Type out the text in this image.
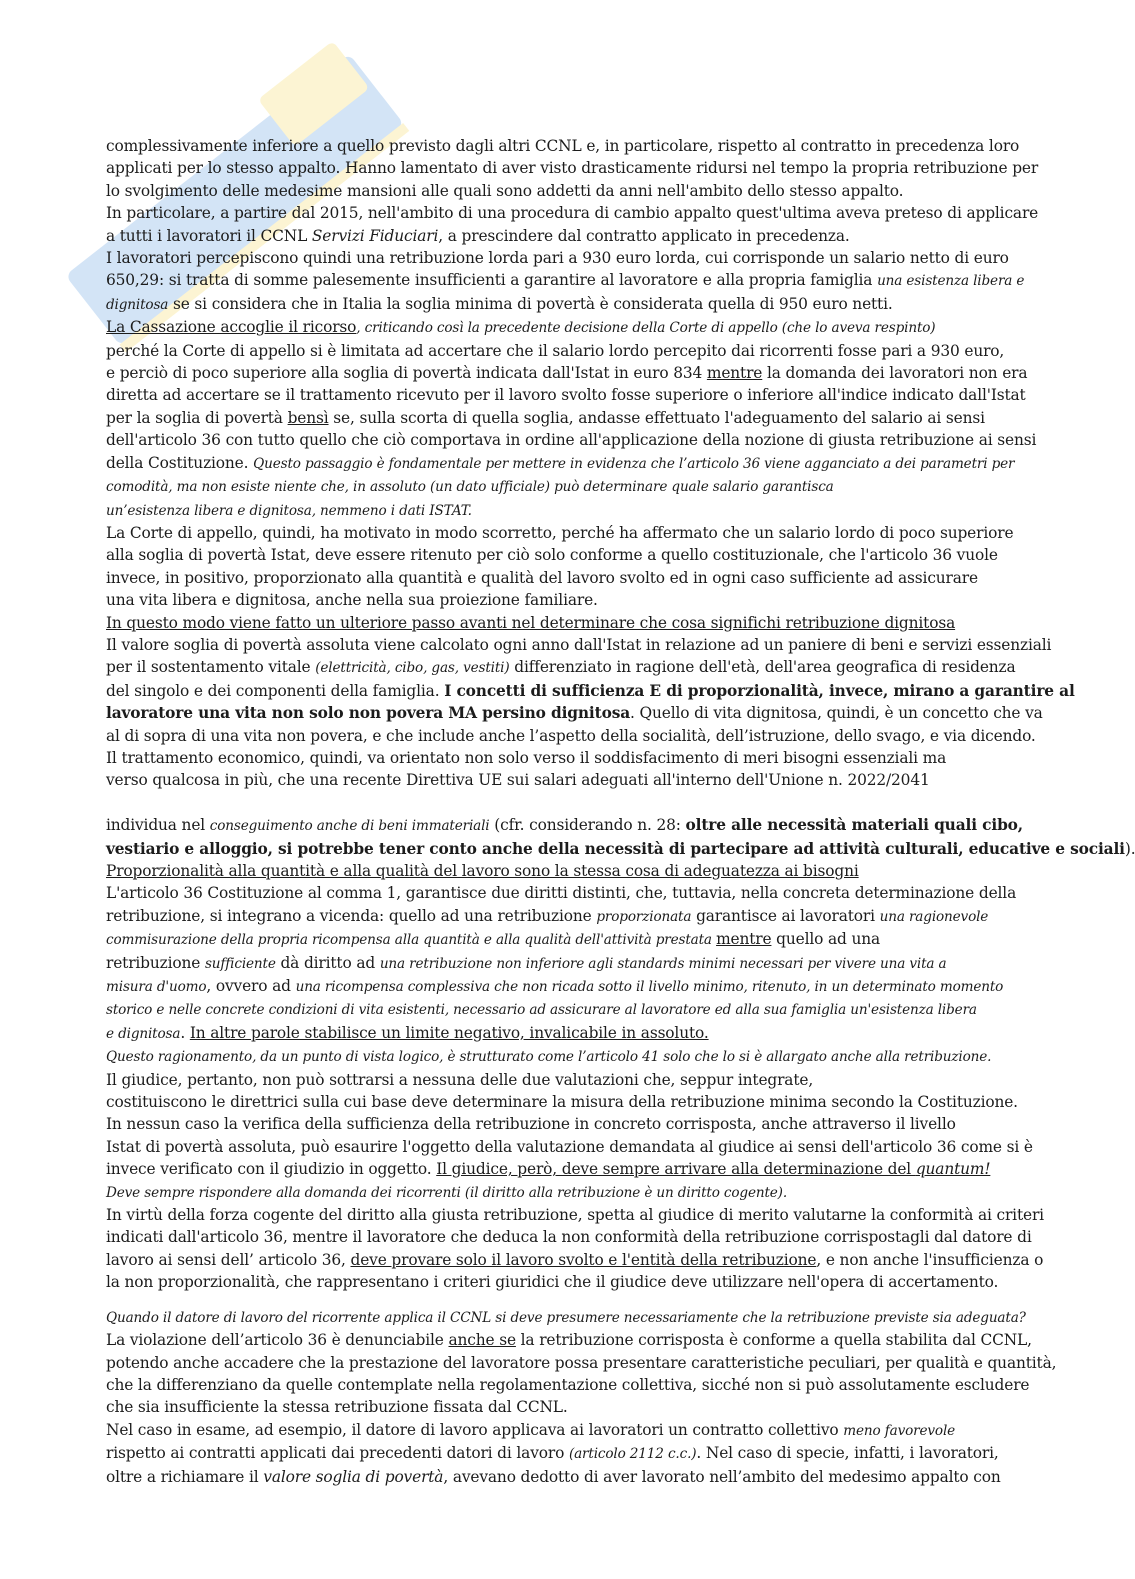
complessivamente inferiore a quello previsto dagli altri CCNL e, in particolare, rispetto al contratto in precedenza loro
applicati per lo stesso appalto. Hanno lamentato di aver visto drasticamente ridursi nel tempo la propria retribuzione per
lo svolgimento delle medesime mansioni alle quali sono addetti da anni nell'ambito dello stesso appalto.
In particolare, a partire dal 2015, nell'ambito di una procedura di cambio appalto quest'ultima aveva preteso di applicare
a tutti i lavoratori il CCNL Servizi Fiduciari, a prescindere dal contratto applicato in precedenza.
I lavoratori percepiscono quindi una retribuzione lorda pari a 930 euro lorda, cui corrisponde un salario netto di euro
650,29: si tratta di somme palesemente insufficienti a garantire al lavoratore e alla propria famiglia una esistenza libera e
dignitosa se si considera che in Italia la soglia minima di povertà è considerata quella di 950 euro netti.
La Cassazione accoglie il ricorso, criticando così la precedente decisione della Corte di appello (che lo aveva respinto)
perché la Corte di appello si è limitata ad accertare che il salario lordo percepito dai ricorrenti fosse pari a 930 euro,
e perciò di poco superiore alla soglia di povertà indicata dall'Istat in euro 834 mentre la domanda dei lavoratori non era
diretta ad accertare se il trattamento ricevuto per il lavoro svolto fosse superiore o inferiore all'indice indicato dall'Istat
per la soglia di povertà bensì se, sulla scorta di quella soglia, andasse effettuato l'adeguamento del salario ai sensi
dell'articolo 36 con tutto quello che ciò comportava in ordine all'applicazione della nozione di giusta retribuzione ai sensi
della Costituzione. Questo passaggio è fondamentale per mettere in evidenza che l’articolo 36 viene agganciato a dei parametri per
comodità, ma non esiste niente che, in assoluto (un dato ufficiale) può determinare quale salario garantisca
un’esistenza libera e dignitosa, nemmeno i dati ISTAT.
La Corte di appello, quindi, ha motivato in modo scorretto, perché ha affermato che un salario lordo di poco superiore
alla soglia di povertà Istat, deve essere ritenuto per ciò solo conforme a quello costituzionale, che l'articolo 36 vuole
invece, in positivo, proporzionato alla quantità e qualità del lavoro svolto ed in ogni caso sufficiente ad assicurare
una vita libera e dignitosa, anche nella sua proiezione familiare.
In questo modo viene fatto un ulteriore passo avanti nel determinare che cosa significhi retribuzione dignitosa
Il valore soglia di povertà assoluta viene calcolato ogni anno dall'Istat in relazione ad un paniere di beni e servizi essenziali
per il sostentamento vitale (elettricità, cibo, gas, vestiti) differenziato in ragione dell'età, dell'area geografica di residenza
del singolo e dei componenti della famiglia. I concetti di sufficienza E di proporzionalità, invece, mirano a garantire al
lavoratore una vita non solo non povera MA persino dignitosa. Quello di vita dignitosa, quindi, è un concetto che va
al di sopra di una vita non povera, e che include anche l’aspetto della socialità, dell’istruzione, dello svago, e via dicendo.
Il trattamento economico, quindi, va orientato non solo verso il soddisfacimento di meri bisogni essenziali ma
verso qualcosa in più, che una recente Direttiva UE sui salari adeguati all'interno dell'Unione n. 2022/2041
individua nel conseguimento anche di beni immateriali (cfr. considerando n. 28: oltre alle necessità materiali quali cibo,
vestiario e alloggio, si potrebbe tener conto anche della necessità di partecipare ad attività culturali, educative e sociali).
Proporzionalità alla quantità e alla qualità del lavoro sono la stessa cosa di adeguatezza ai bisogni
L'articolo 36 Costituzione al comma 1, garantisce due diritti distinti, che, tuttavia, nella concreta determinazione della
retribuzione, si integrano a vicenda: quello ad una retribuzione proporzionata garantisce ai lavoratori una ragionevole
commisurazione della propria ricompensa alla quantità e alla qualità dell'attività prestata mentre quello ad una
retribuzione sufficiente dà diritto ad una retribuzione non inferiore agli standards minimi necessari per vivere una vita a
misura d'uomo, ovvero ad una ricompensa complessiva che non ricada sotto il livello minimo, ritenuto, in un determinato momento
storico e nelle concrete condizioni di vita esistenti, necessario ad assicurare al lavoratore ed alla sua famiglia un'esistenza libera
e dignitosa. In altre parole stabilisce un limite negativo, invalicabile in assoluto.
Questo ragionamento, da un punto di vista logico, è strutturato come l’articolo 41 solo che lo si è allargato anche alla retribuzione.
Il giudice, pertanto, non può sottrarsi a nessuna delle due valutazioni che, seppur integrate,
costituiscono le direttrici sulla cui base deve determinare la misura della retribuzione minima secondo la Costituzione.
In nessun caso la verifica della sufficienza della retribuzione in concreto corrisposta, anche attraverso il livello
Istat di povertà assoluta, può esaurire l'oggetto della valutazione demandata al giudice ai sensi dell'articolo 36 come si è
invece verificato con il giudizio in oggetto. Il giudice, però, deve sempre arrivare alla determinazione del quantum!
Deve sempre rispondere alla domanda dei ricorrenti (il diritto alla retribuzione è un diritto cogente).
In virtù della forza cogente del diritto alla giusta retribuzione, spetta al giudice di merito valutarne la conformità ai criteri
indicati dall'articolo 36, mentre il lavoratore che deduca la non conformità della retribuzione corrispostagli dal datore di
lavoro ai sensi dell’ articolo 36, deve provare solo il lavoro svolto e l'entità della retribuzione, e non anche l'insufficienza o
la non proporzionalità, che rappresentano i criteri giuridici che il giudice deve utilizzare nell'opera di accertamento.
Quando il datore di lavoro del ricorrente applica il CCNL si deve presumere necessariamente che la retribuzione previste sia adeguata?
La violazione dell’articolo 36 è denunciabile anche se la retribuzione corrisposta è conforme a quella stabilita dal CCNL,
potendo anche accadere che la prestazione del lavoratore possa presentare caratteristiche peculiari, per qualità e quantità,
che la differenziano da quelle contemplate nella regolamentazione collettiva, sicché non si può assolutamente escludere
che sia insufficiente la stessa retribuzione fissata dal CCNL.
Nel caso in esame, ad esempio, il datore di lavoro applicava ai lavoratori un contratto collettivo meno favorevole
rispetto ai contratti applicati dai precedenti datori di lavoro (articolo 2112 c.c.). Nel caso di specie, infatti, i lavoratori,
oltre a richiamare il valore soglia di povertà, avevano dedotto di aver lavorato nell’ambito del medesimo appalto con
